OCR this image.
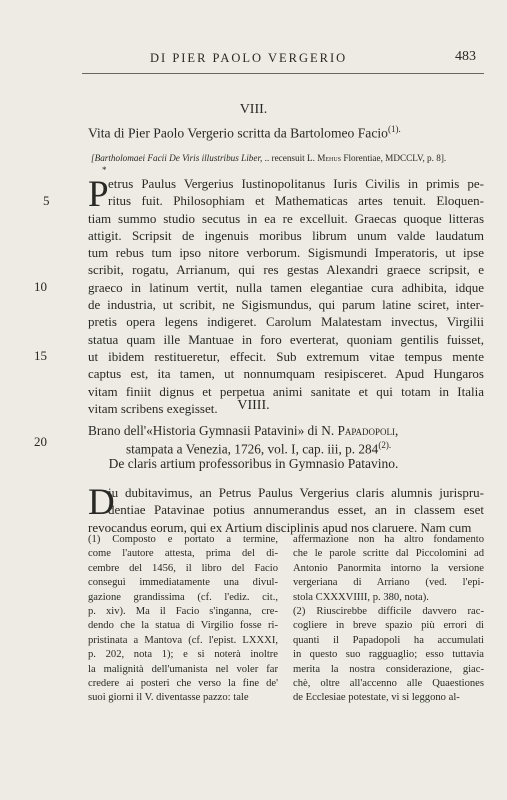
DI PIER PAOLO VERGERIO	483
VIII.
Vita di Pier Paolo Vergerio scritta da Bartolomeo Facio$^{(1).}$
[Bartholomaei Facii De Viris illustribus Liber, .. recensuit L. Mehus Florentiae, MDCCLV, p. 8].
*
P etrus Paulus Vergerius Iustinopolitanus Iuris Civilis in primis pe-
ritus fuit. Philosophiam et Mathematicas artes tenuit. Eloquen-
tiam summo studio secutus in ea re excelluit. Graecas quoque litteras
attigit. Scripsit de ingenuis moribus librum unum valde laudatum
tum rebus tum ipso nitore verborum. Sigismundi Imperatoris, ut ipse
scribit, rogatu, Arrianum, qui res gestas Alexandri graece scripsit, e
graeco in latinum vertit, nulla tamen elegantiae cura adhibita, idque
de industria, ut scribit, ne Sigismundus, qui parum latine sciret, inter-
pretis opera legens indigeret. Carolum Malatestam invectus, Virgilii
statua quam ille Mantuae in foro everterat, quoniam gentilis fuisset,
ut ibidem restitueretur, effecit. Sub extremum vitae tempus mente
captus est, ita tamen, ut nonnumquam resipisceret. Apud Hungaros
vitam finiit dignus et perpetua animi sanitate et qui totam in Italia
vitam scribens exegisset.
5
10
15
20
VIIII.
Brano dell'«Historia Gymnasii Patavini» di N. Papadopoli,
stampata a Venezia, 1726, vol. I, cap. iii, p. $284^{(2).}$
De claris artium professoribus in Gymnasio Patavino.
D
iu dubitavimus, an Petrus Paulus Vergerius claris alumnis jurispru-
dentiae Patavinae potius annumerandus esset, an in classem eset
revocandus eorum, qui ex Artium disciplinis apud nos claruere. Nam cum
(1) Composto e portato a termine,
come l'autore attesta, prima del di-
cembre del 1456, il libro del Facio
conseguì immediatamente una divul-
gazione grandissima (cf. l'ediz. cit.,
p. xiv). Ma il Facio s'inganna, cre-
dendo che la statua di Virgilio fosse ri-
pristinata a Mantova (cf. l'epist. LXXXI,
p. 202, nota 1); e si noterà inoltre
la malignità dell'umanista nel voler far
credere ai posteri che verso la fine de'
suoi giorni il V. diventasse pazzo: tale
affermazione non ha altro fondamento
che le parole scritte dal Piccolomini ad
Antonio Panormita intorno la versione
vergeriana di Arriano (ved. l'epi-
stola CXXXVIIII, p. 380, nota).
(2) Riuscirebbe difficile davvero rac-
cogliere in breve spazio più errori di
quanti il Papadopoli ha accumulati
in questo suo ragguaglio; esso tuttavia
merita la nostra considerazione, giac-
chè, oltre all'accenno alle Quaestiones
de Ecclesiae potestate, vi si leggono al-
